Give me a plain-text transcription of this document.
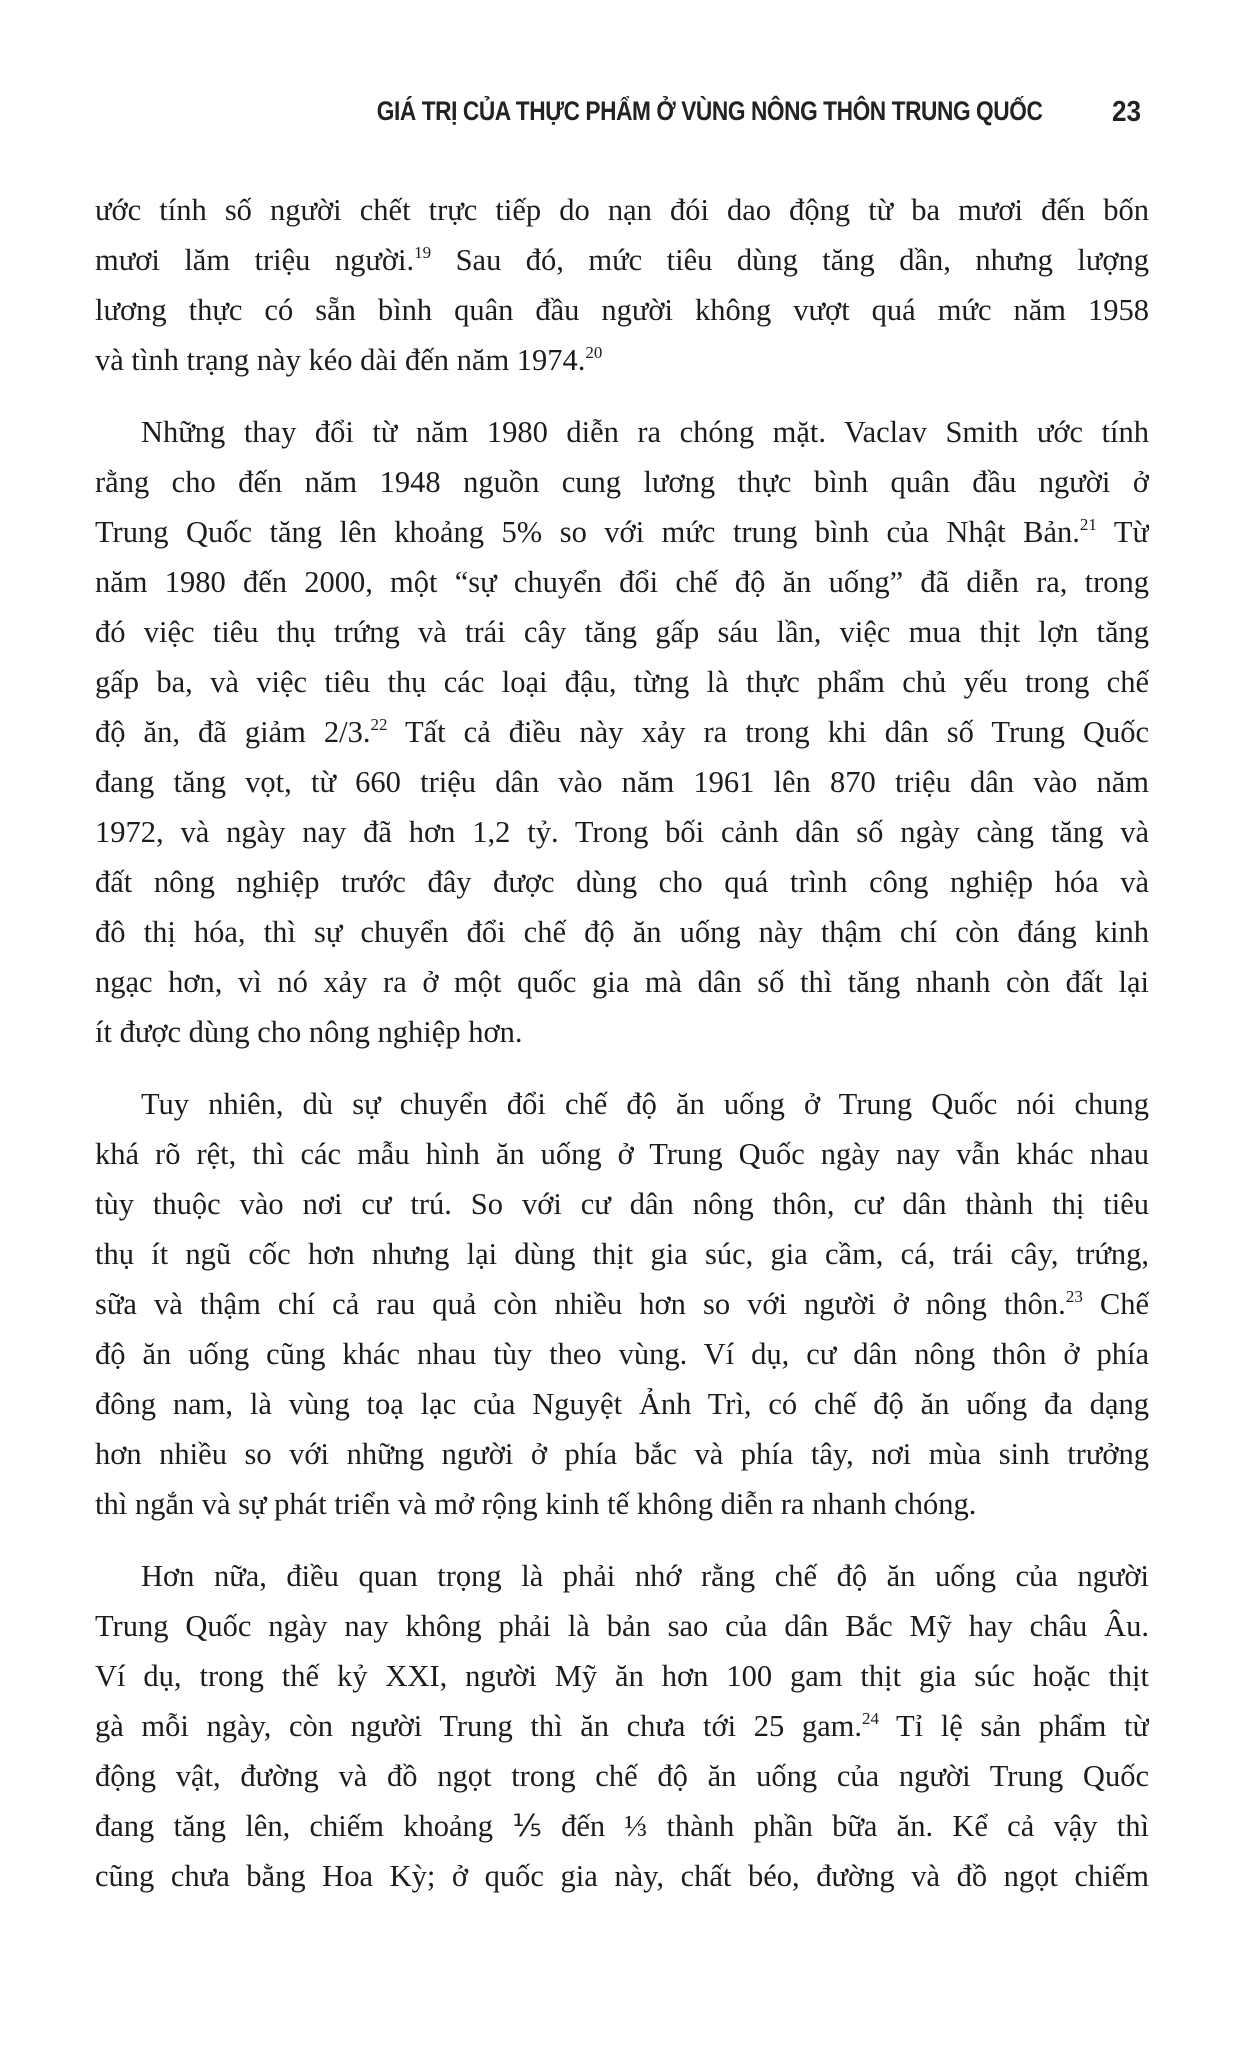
GIÁ TRỊ CỦA THỰC PHẨM Ở VÙNG NÔNG THÔN TRUNG QUỐC 23
ước tính số người chết trực tiếp do nạn đói dao động từ ba mươi đến bốn
mươi lăm triệu người.$^{19}$ Sau đó, mức tiêu dùng tăng dần, nhưng lượng
lương thực có sẵn bình quân đầu người không vượt quá mức năm 1958
và tình trạng này kéo dài đến năm 1974.20
Những thay đổi từ năm 1980 diễn ra chóng mặt. Vaclav Smith ước tính
rằng cho đến năm 1948 nguồn cung lương thực bình quân đầu người ở
Trung Quốc tăng lên khoảng 5% so với mức trung bình của Nhật Bản.$^{21}$ Từ
năm 1980 đến 2000, một “sự chuyển đổi chế độ ăn uống” đã diễn ra, trong
đó việc tiêu thụ trứng và trái cây tăng gấp sáu lần, việc mua thịt lợn tăng
gấp ba, và việc tiêu thụ các loại đậu, từng là thực phẩm chủ yếu trong chế
độ ăn, đã giảm 2/3.22 Tất cả điều này xảy ra trong khi dân số Trung Quốc
đang tăng vọt, từ 660 triệu dân vào năm 1961 lên 870 triệu dân vào năm
1972, và ngày nay đã hơn 1,2 tỷ. Trong bối cảnh dân số ngày càng tăng và
đất nông nghiệp trước đây được dùng cho quá trình công nghiệp hóa và
đô thị hóa, thì sự chuyển đổi chế độ ăn uống này thậm chí còn đáng kinh
ngạc hơn, vì nó xảy ra ở một quốc gia mà dân số thì tăng nhanh còn đất lại
ít được dùng cho nông nghiệp hơn.
Tuy nhiên, dù sự chuyển đổi chế độ ăn uống ở Trung Quốc nói chung
khá rõ rệt, thì các mẫu hình ăn uống ở Trung Quốc ngày nay vẫn khác nhau
tùy thuộc vào nơi cư trú. So với cư dân nông thôn, cư dân thành thị tiêu
thụ ít ngũ cốc hơn nhưng lại dùng thịt gia súc, gia cầm, cá, trái cây, trứng,
sữa và thậm chí cả rau quả còn nhiều hơn so với người ở nông thôn.$^{23}$ Chế
độ ăn uống cũng khác nhau tùy theo vùng. Ví dụ, cư dân nông thôn ở phía
đông nam, là vùng toạ lạc của Nguyệt Ảnh Trì, có chế độ ăn uống đa dạng
hơn nhiều so với những người ở phía bắc và phía tây, nơi mùa sinh trưởng
thì ngắn và sự phát triển và mở rộng kinh tế không diễn ra nhanh chóng.
Hơn nữa, điều quan trọng là phải nhớ rằng chế độ ăn uống của người
Trung Quốc ngày nay không phải là bản sao của dân Bắc Mỹ hay châu Âu.
Ví dụ, trong thế kỷ XXI, người Mỹ ăn hơn 100 gam thịt gia súc hoặc thịt
gà mỗi ngày, còn người Trung thì ăn chưa tới 25 gam.$^{24}$ Tỉ lệ sản phẩm từ
động vật, đường và đồ ngọt trong chế độ ăn uống của người Trung Quốc
đang tăng lên, chiếm khoảng ⅕ đến ⅓ thành phần bữa ăn. Kể cả vậy thì
cũng chưa bằng Hoa Kỳ; ở quốc gia này, chất béo, đường và đồ ngọt chiếm
